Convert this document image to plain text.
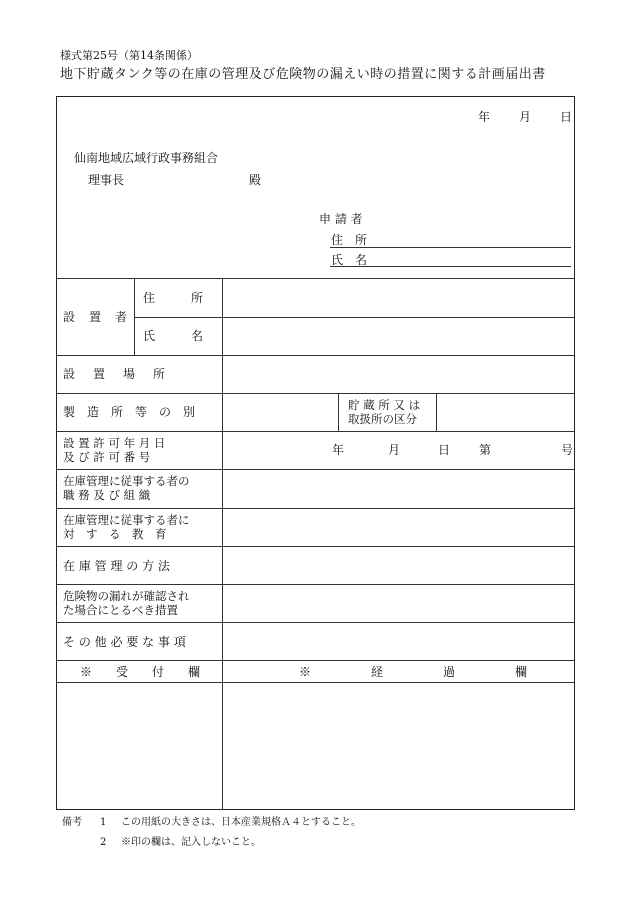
様式第25号（第14条関係）
地下貯蔵タンク等の在庫の管理及び危険物の漏えい時の措置に関する計画届出書
年 月 日
仙南地域広域行政事務組合
理事長	殿
申 請 者
住　所
氏　名
設　置　者
住　　　所
氏　　　名
設　置　場　所
製　造　所　等　の　別	貯 蔵 所 又 は
取扱所の区分
設 置 許 可 年 月 日
及 び 許 可 番 号	年	月	日 第	号
在庫管理に従事する者の
職 務 及 び 組 織
在庫管理に従事する者に
対　す　る　教　育
在 庫 管 理 の 方 法
危険物の漏れが確認され
た場合にとるべき措置
そ の 他 必 要 な 事 項
※　　受　　付　　欄	※　　　　　経　　　　　過　　　　　欄
備考 1 この用紙の大きさは、日本産業規格Ａ４とすること。
2 ※印の欄は、記入しないこと。
